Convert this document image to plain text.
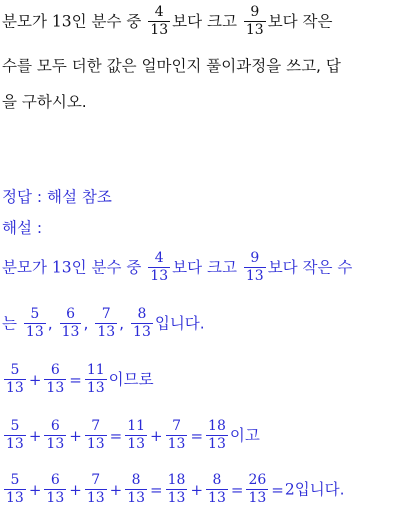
분모가 13인 분수 중 $\frac{4}{13}$ 보다 크고 $\frac{9}{13}$ 보다 작은
수를 모두 더한 값은 얼마인지 풀이과정을 쓰고, 답
을 구하시오.
정답 : 해설 참조
해설 :
분모가 13인 분수 중 $\frac{4}{13}$ 보다 크고 $\frac{9}{13}$ 보다 작은 수
는 $\frac{5}{13}$ , $\frac{6}{13}$ , $\frac{7}{13}$ , $\frac{8}{13}$ 입니다.
$\frac{5}{13} + \frac{6}{13} = \frac{11}{13}$ 이므로
$\frac{5}{13} + \frac{6}{13} + \frac{7}{13} = \frac{11}{13} + \frac{7}{13} = \frac{18}{13}$ 이고
$\frac{5}{13} + \frac{6}{13} + \frac{7}{13} + \frac{8}{13} = \frac{18}{13} + \frac{8}{13} = \frac{26}{13} =2$입니다.
